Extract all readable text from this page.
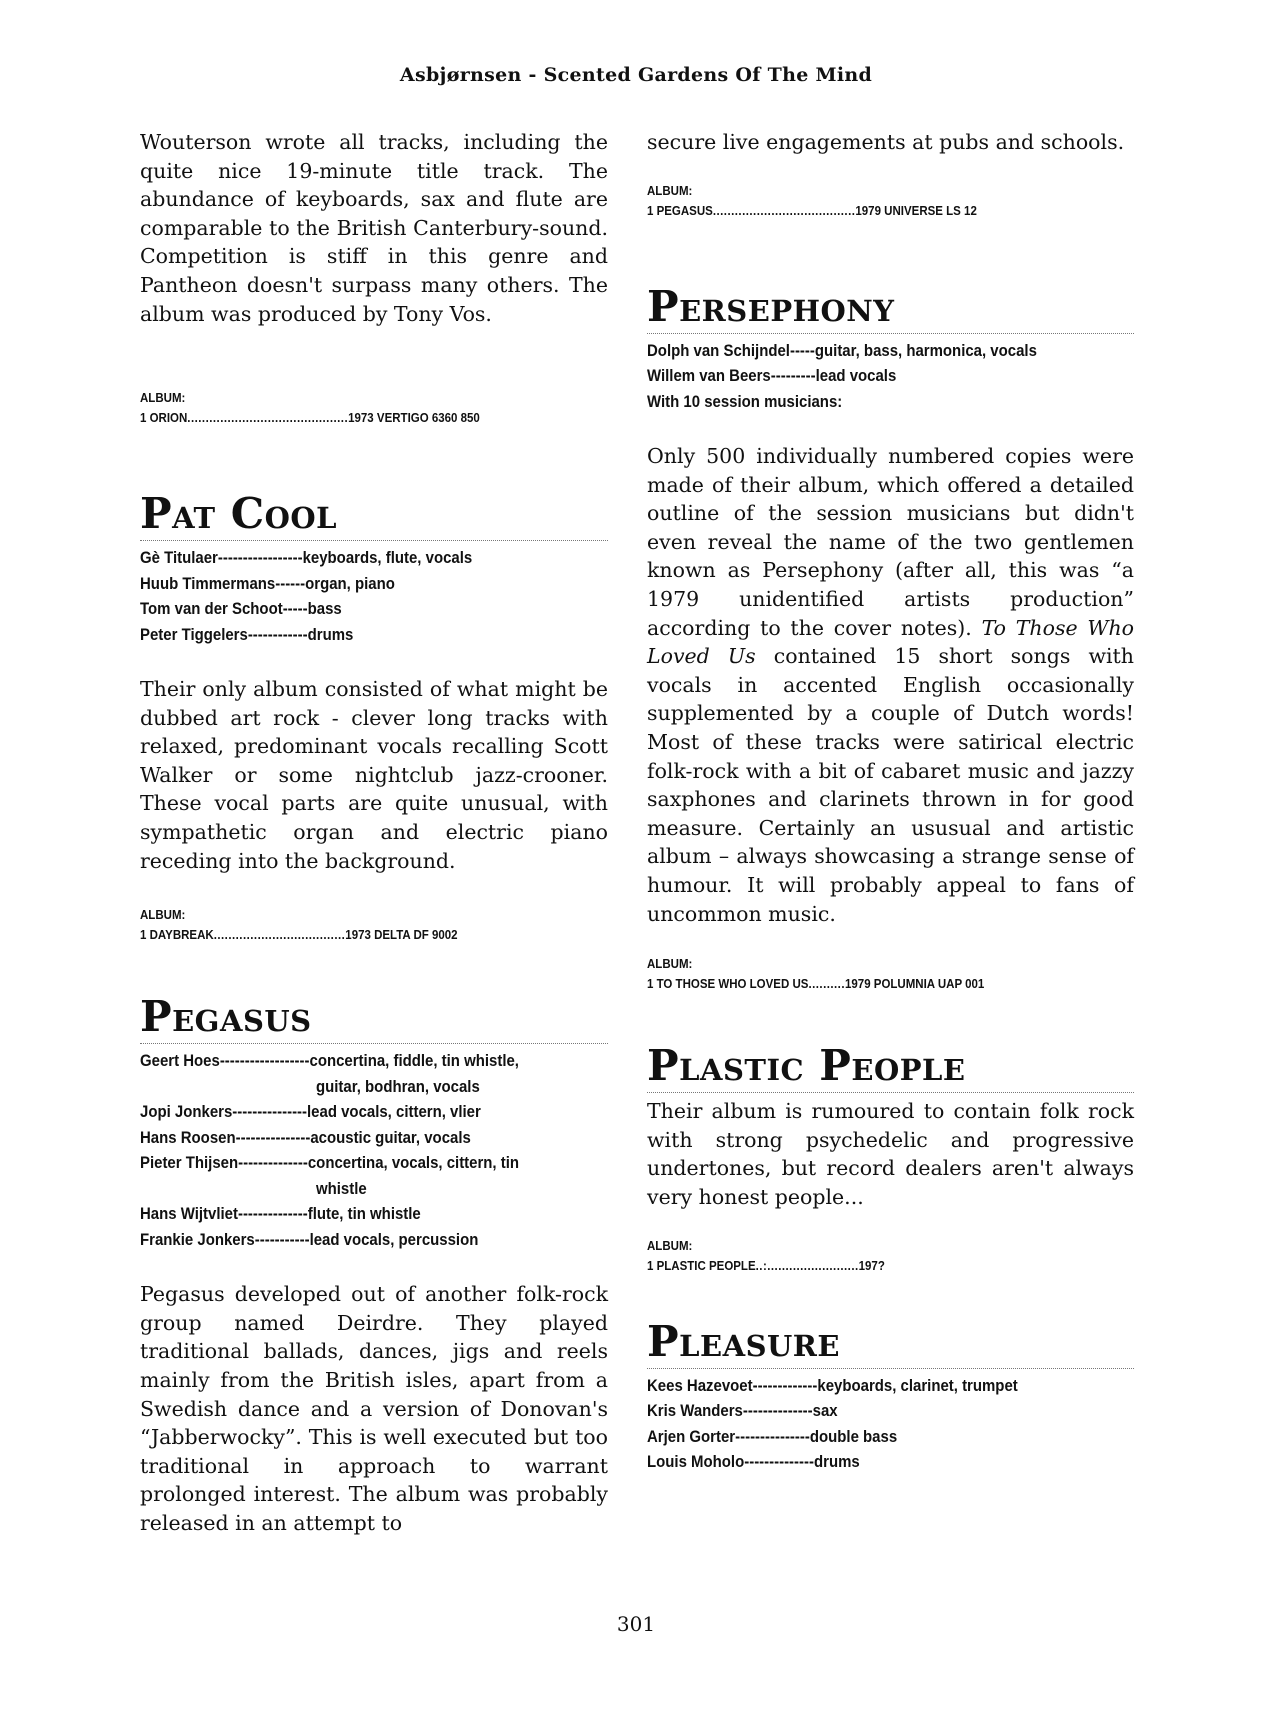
Asbjørnsen - Scented Gardens Of The Mind

Wouterson wrote all tracks, including the quite nice 19-minute title track. The abundance of keyboards, sax and flute are comparable to the British Canterbury-sound. Competition is stiff in this genre and Pantheon doesn't surpass many others. The album was produced by Tony Vos.

ALBUM:
1 ORION ............................................ 1973 VERTIGO 6360 850
Pat Cool
Gè Titulaer ----------------- keyboards, flute, vocals
Huub Timmermans ------ organ, piano
Tom van der Schoot ----- bass
Peter Tiggelers ------------ drums

Their only album consisted of what might be dubbed art rock - clever long tracks with relaxed, predominant vocals recalling Scott Walker or some nightclub jazz-crooner. These vocal parts are quite unusual, with sympathetic organ and electric piano receding into the background.

ALBUM:
1 DAYBREAK .................................... 1973 DELTA DF 9002
Pegasus
Geert Hoes ------------------ concertina, fiddle, tin whistle,
guitar, bodhran, vocals
Jopi Jonkers --------------- lead vocals, cittern, vlier
Hans Roosen --------------- acoustic guitar, vocals
Pieter Thijsen -------------- concertina, vocals, cittern, tin
whistle
Hans Wijtvliet -------------- flute, tin whistle
Frankie Jonkers ----------- lead vocals, percussion

Pegasus developed out of another folk-rock group named Deirdre. They played traditional ballads, dances, jigs and reels mainly from the British isles, apart from a Swedish dance and a version of Donovan's “Jabberwocky”. This is well executed but too traditional in approach to warrant prolonged interest. The album was probably released in an attempt to

secure live engagements at pubs and schools.

ALBUM:
1 PEGASUS ....................................... 1979 UNIVERSE LS 12
Persephony
Dolph van Schijndel ----- guitar, bass, harmonica, vocals
Willem van Beers --------- lead vocals
With 10 session musicians:

Only 500 individually numbered copies were made of their album, which offered a detailed outline of the session musicians but didn't even reveal the name of the two gentlemen known as Persephony (after all, this was “a 1979 unidentified artists production” according to the cover notes). To Those Who Loved Us contained 15 short songs with vocals in accented English occasionally supplemented by a couple of Dutch words! Most of these tracks were satirical electric folk-rock with a bit of cabaret music and jazzy saxphones and clarinets thrown in for good measure. Certainly an ususual and artistic album – always showcasing a strange sense of humour. It will probably appeal to fans of uncommon music.

ALBUM:
1 TO THOSE WHO LOVED US .......... 1979 POLUMNIA UAP 001
Plastic People

Their album is rumoured to contain folk rock with strong psychedelic and progressive undertones, but record dealers aren't always very honest people...

ALBUM:
1 PLASTIC PEOPLE ..:......................... 197?
Pleasure
Kees Hazevoet ------------- keyboards, clarinet, trumpet
Kris Wanders -------------- sax
Arjen Gorter --------------- double bass
Louis Moholo -------------- drums
301
